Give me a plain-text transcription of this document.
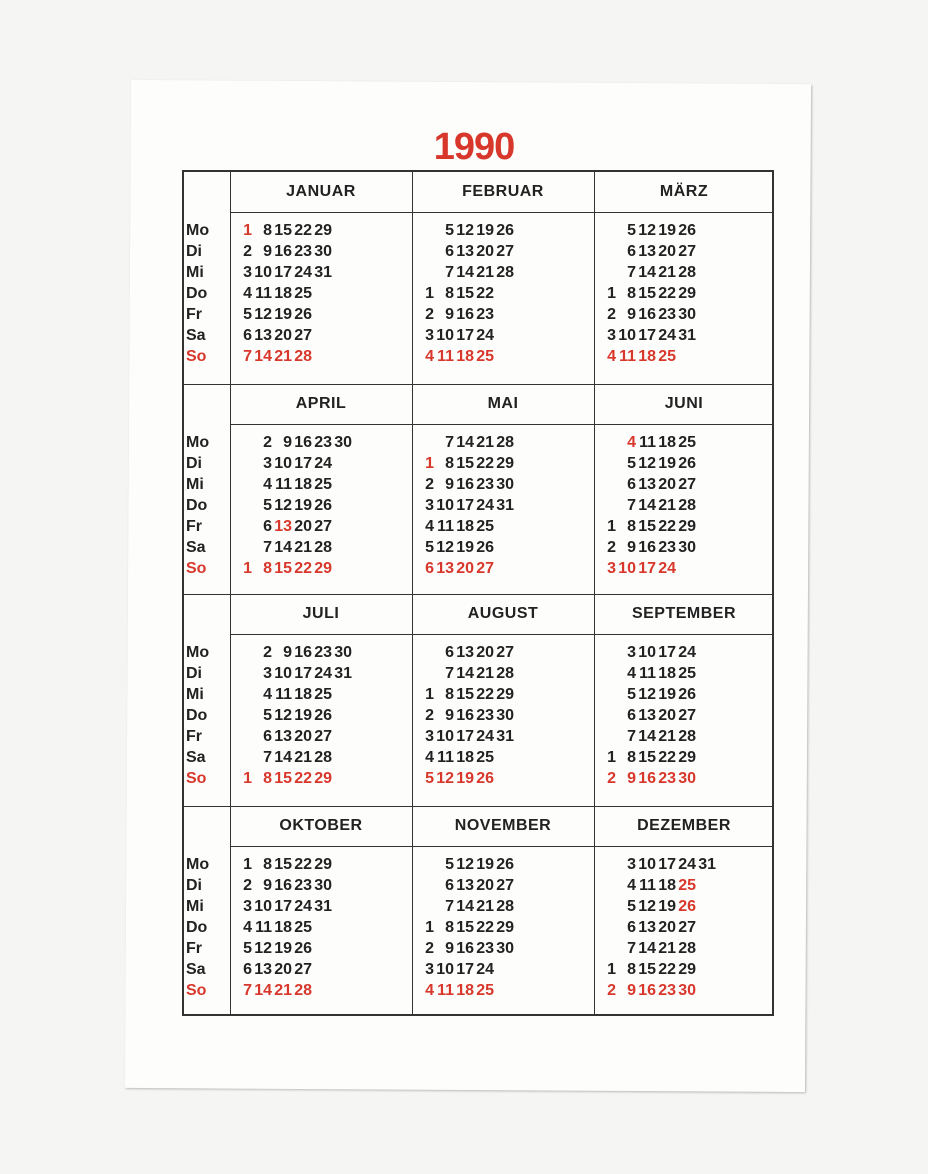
1990
Mo
Di
Mi
Do
Fr
Sa
So
Mo
Di
Mi
Do
Fr
Sa
So
Mo
Di
Mi
Do
Fr
Sa
So
Mo
Di
Mi
Do
Fr
Sa
So
JANUAR
1 8 15 22 29
2 9 16 23 30
3 10 17 24 31
4 11 18 25
5 12 19 26
6 13 20 27
7 14 21 28
FEBRUAR
5 12 19 26
6 13 20 27
7 14 21 28
1 8 15 22
2 9 16 23
3 10 17 24
4 11 18 25
MÄRZ
5 12 19 26
6 13 20 27
7 14 21 28
1 8 15 22 29
2 9 16 23 30
3 10 17 24 31
4 11 18 25
APRIL
2 9 16 23 30
3 10 17 24
4 11 18 25
5 12 19 26
6 13 20 27
7 14 21 28
1 8 15 22 29
MAI
7 14 21 28
1 8 15 22 29
2 9 16 23 30
3 10 17 24 31
4 11 18 25
5 12 19 26
6 13 20 27
JUNI
4 11 18 25
5 12 19 26
6 13 20 27
7 14 21 28
1 8 15 22 29
2 9 16 23 30
3 10 17 24
JULI
2 9 16 23 30
3 10 17 24 31
4 11 18 25
5 12 19 26
6 13 20 27
7 14 21 28
1 8 15 22 29
AUGUST
6 13 20 27
7 14 21 28
1 8 15 22 29
2 9 16 23 30
3 10 17 24 31
4 11 18 25
5 12 19 26
SEPTEMBER
3 10 17 24
4 11 18 25
5 12 19 26
6 13 20 27
7 14 21 28
1 8 15 22 29
2 9 16 23 30
OKTOBER
1 8 15 22 29
2 9 16 23 30
3 10 17 24 31
4 11 18 25
5 12 19 26
6 13 20 27
7 14 21 28
NOVEMBER
5 12 19 26
6 13 20 27
7 14 21 28
1 8 15 22 29
2 9 16 23 30
3 10 17 24
4 11 18 25
DEZEMBER
3 10 17 24 31
4 11 18 25
5 12 19 26
6 13 20 27
7 14 21 28
1 8 15 22 29
2 9 16 23 30
